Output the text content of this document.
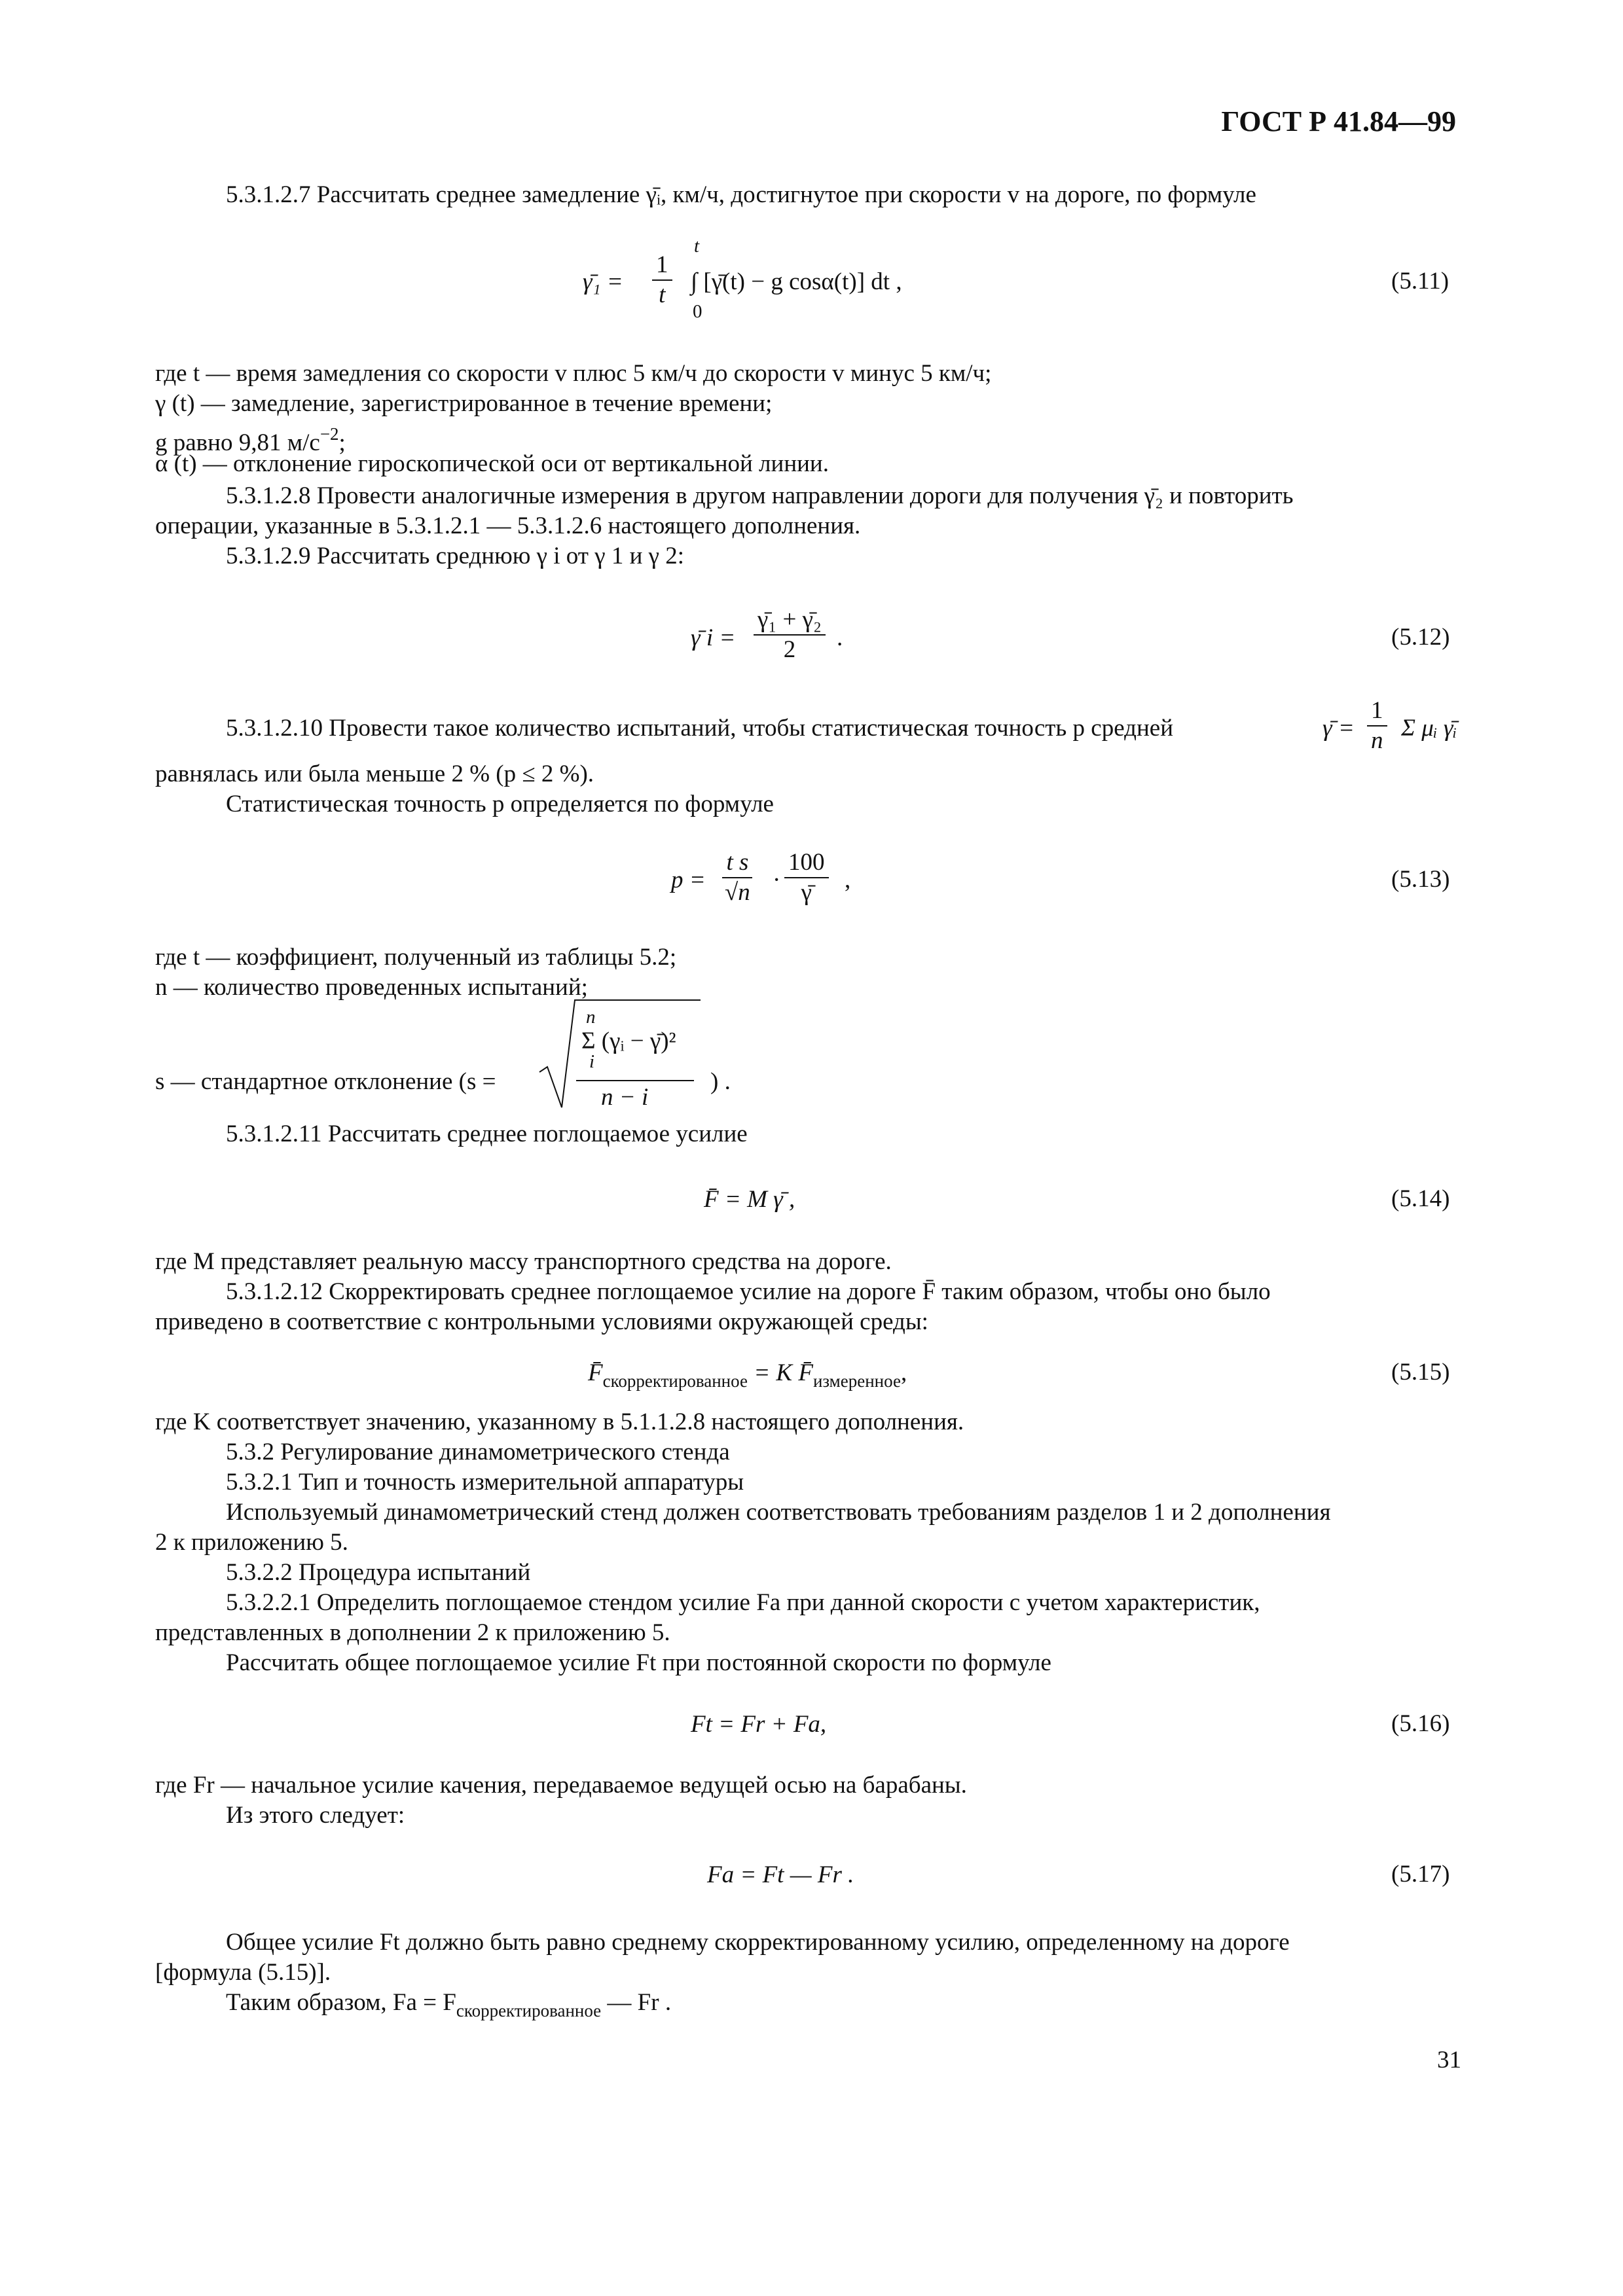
ГОСТ Р 41.84—99
5.3.1.2.7 Рассчитать среднее замедление γ̄ᵢ, км/ч, достигнутое при скорости v на дороге, по формуле
γ̄₁ = $\frac{1}{t}$
t
0
∫ [γ̄(t) − g cosα(t)] dt ,	(5.11)
где t — время замедления со скорости v плюс 5 км/ч до скорости v минус 5 км/ч;
γ (t) — замедление, зарегистрированное в течение времени;
g равно 9,81 $м/с^{-2}$;
α (t) — отклонение гироскопической оси от вертикальной линии.
5.3.1.2.8 Провести аналогичные измерения в другом направлении дороги для получения γ̄₂ и повторить
операции, указанные в 5.3.1.2.1 — 5.3.1.2.6 настоящего дополнения.
5.3.1.2.9 Рассчитать среднюю γ i от γ 1 и γ 2:
γ̄ $i = \frac{\text{γ̄₁ + γ̄₂}}{2}$ .	(5.12)
5.3.1.2.10 Провести такое количество испытаний, чтобы статистическая точность p средней	γ̄ = $\frac{1}{n}$ Σ μᵢ γ̄ᵢ
равнялась или была меньше 2 % (p ≤ 2 %).
Статистическая точность p определяется по формуле
$p = \frac{\text{t s}}{√n} \cdot \frac{100}{\gammā}$ ,	(5.13)
где t — коэффициент, полученный из таблицы 5.2;
n — количество проведенных испытаний;
s — стандартное отклонение (s =
n
Σ (γᵢ − γ̄)²
i
n − i
) .
5.3.1.2.11 Рассчитать среднее поглощаемое усилие
F̄ = M γ̄ ,	(5.14)
где M представляет реальную массу транспортного средства на дороге.
5.3.1.2.12 Скорректировать среднее поглощаемое усилие на дороге F̄ таким образом, чтобы оно было
приведено в соответствие с контрольными условиями окружающей среды:
$F̄_{скорректированное} = K$ $F̄_{измеренное}$,	(5.15)
где K соответствует значению, указанному в 5.1.1.2.8 настоящего дополнения.
5.3.2 Регулирование динамометрического стенда
5.3.2.1 Тип и точность измерительной аппаратуры
Используемый динамометрический стенд должен соответствовать требованиям разделов 1 и 2 дополнения
2 к приложению 5.
5.3.2.2 Процедура испытаний
5.3.2.2.1 Определить поглощаемое стендом усилие Fa при данной скорости с учетом характеристик,
представленных в дополнении 2 к приложению 5.
Рассчитать общее поглощаемое усилие Ft при постоянной скорости по формуле
Ft = Fr + Fa,	(5.16)
где Fr — начальное усилие качения, передаваемое ведущей осью на барабаны.
Из этого следует:
Fa = Ft — Fr .	(5.17)
Общее усилие Ft должно быть равно среднему скорректированному усилию, определенному на дороге
[формула (5.15)].
Таким образом, $Fa = F_{скорректированное}$ — Fr .
31
